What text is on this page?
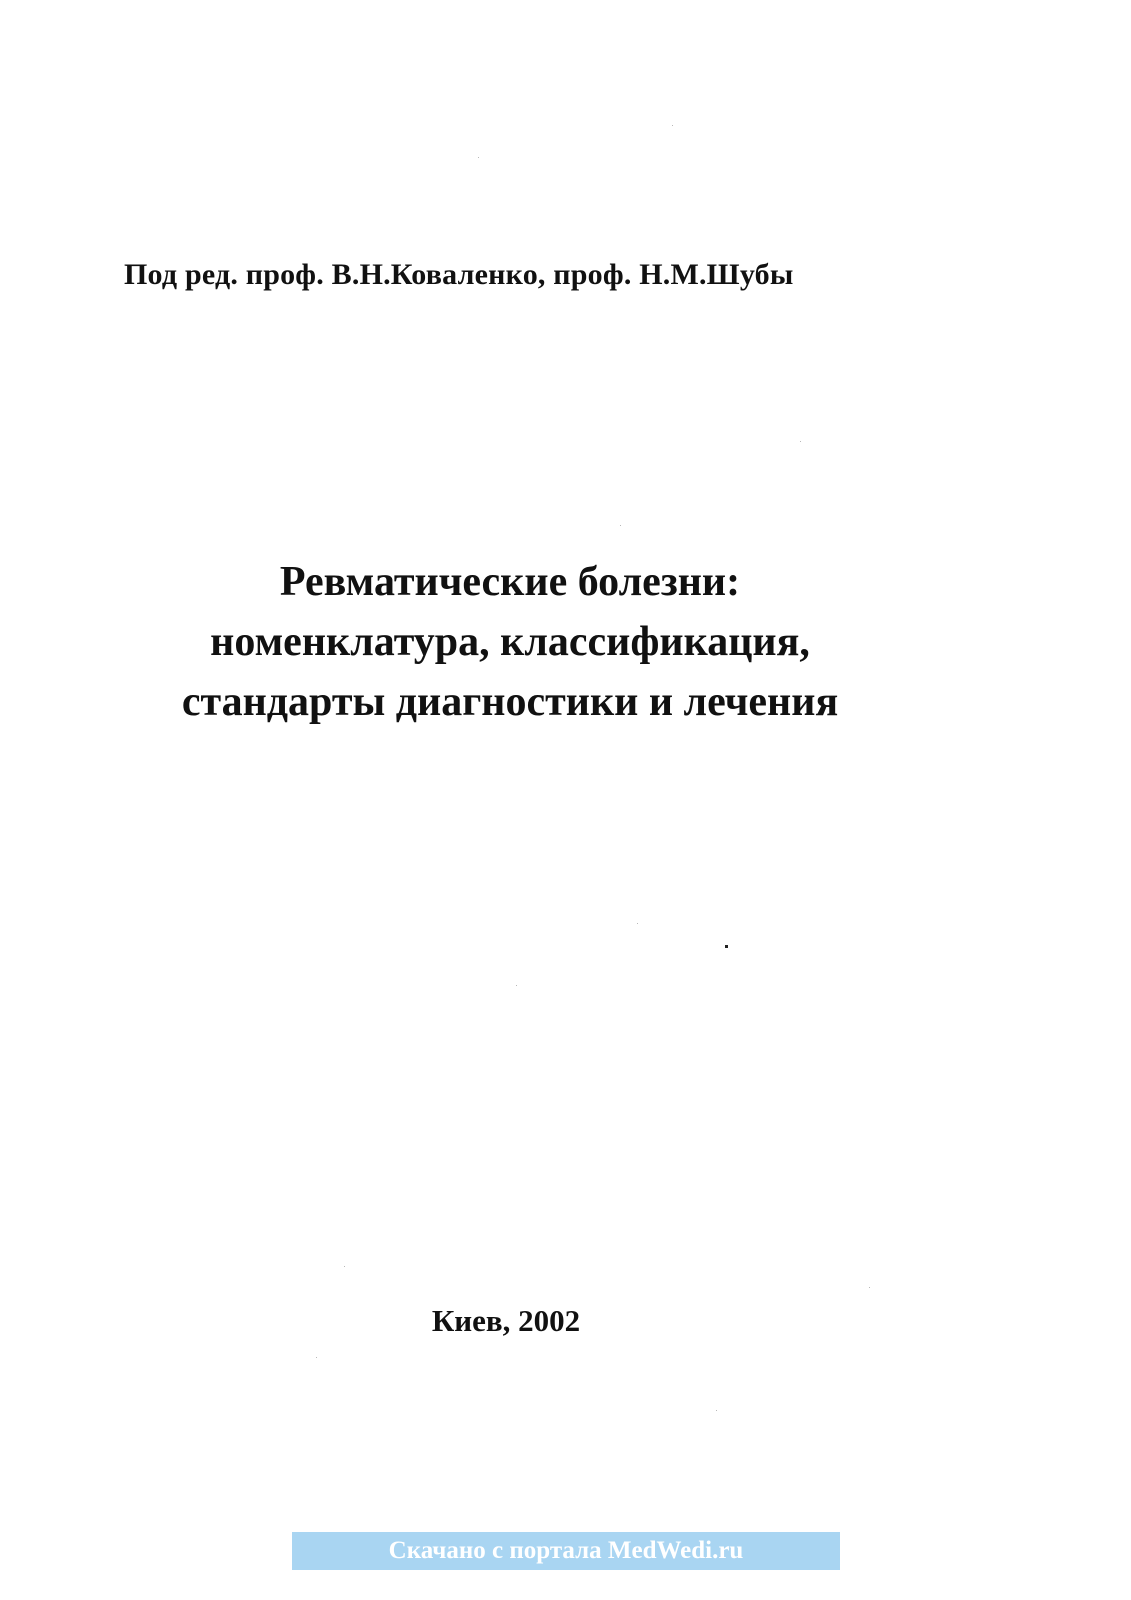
Под ред. проф. В.Н.Коваленко, проф. Н.М.Шубы
Ревматические болезни:
номенклатура, классификация,
стандарты диагностики и лечения
Киев, 2002
Скачано с портала MedWedi.ru
